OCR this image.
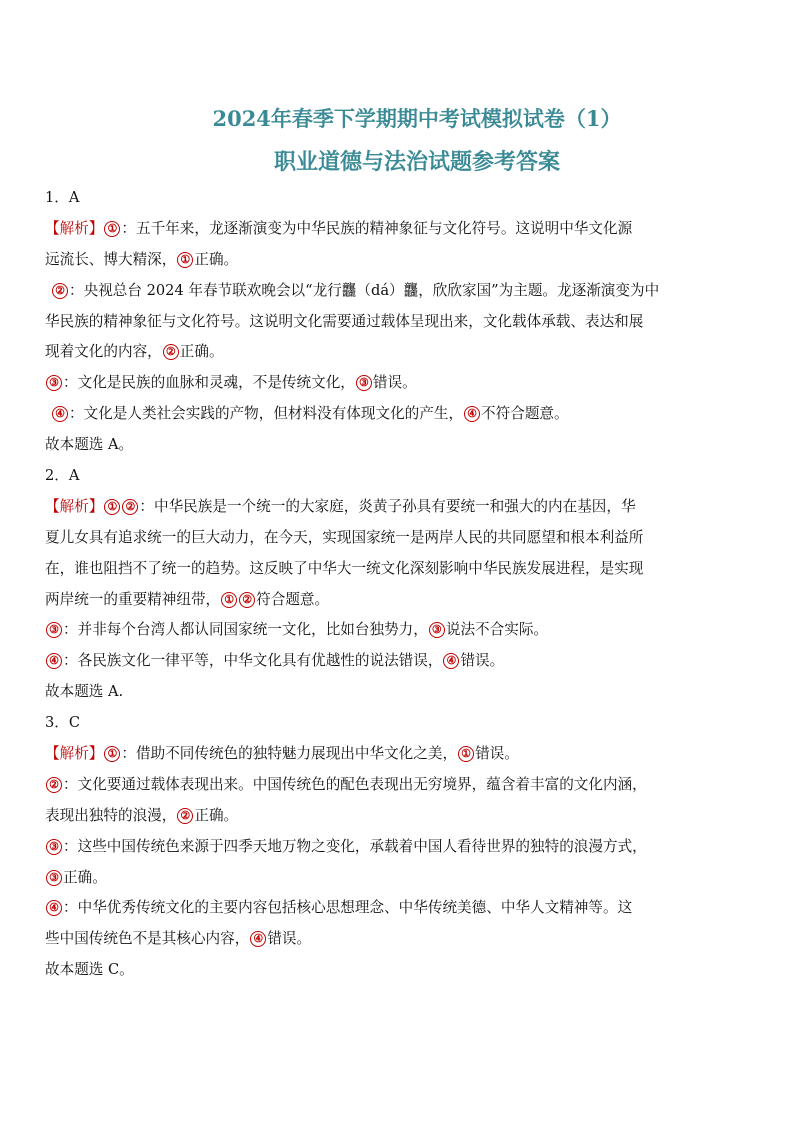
2024年春季下学期期中考试模拟试卷（1）
职业道德与法治试题参考答案
1．A
【解析】 ① ：五千年来，龙逐渐演变为中华民族的精神象征与文化符号。这说明中华文化源
远流长、博大精深， ① 正确。
② ：央视总台 2024 年春节联欢晚会以“龙行龘（dá）龘，欣欣家国”为主题。龙逐渐演变为中
华民族的精神象征与文化符号。这说明文化需要通过载体呈现出来，文化载体承载、表达和展
现着文化的内容， ② 正确。
③ ：文化是民族的血脉和灵魂，不是传统文化， ③ 错误。
④ ：文化是人类社会实践的产物，但材料没有体现文化的产生， ④ 不符合题意。
故本题选 A。
2．A
【解析】 ① ② ：中华民族是一个统一的大家庭，炎黄子孙具有要统一和强大的内在基因，华
夏儿女具有追求统一的巨大动力，在今天，实现国家统一是两岸人民的共同愿望和根本利益所
在，谁也阻挡不了统一的趋势。这反映了中华大一统文化深刻影响中华民族发展进程，是实现
两岸统一的重要精神纽带， ① ② 符合题意。
③ ：并非每个台湾人都认同国家统一文化，比如台独势力， ③ 说法不合实际。
④ ：各民族文化一律平等，中华文化具有优越性的说法错误， ④ 错误。
故本题选 A.
3．C
【解析】 ① ：借助不同传统色的独特魅力展现出中华文化之美， ① 错误。
② ：文化要通过载体表现出来。中国传统色的配色表现出无穷境界，蕴含着丰富的文化内涵，
表现出独特的浪漫， ② 正确。
③ ：这些中国传统色来源于四季天地万物之变化，承载着中国人看待世界的独特的浪漫方式，
③ 正确。
④ ：中华优秀传统文化的主要内容包括核心思想理念、中华传统美德、中华人文精神等。这
些中国传统色不是其核心内容， ④ 错误。
故本题选 C。
